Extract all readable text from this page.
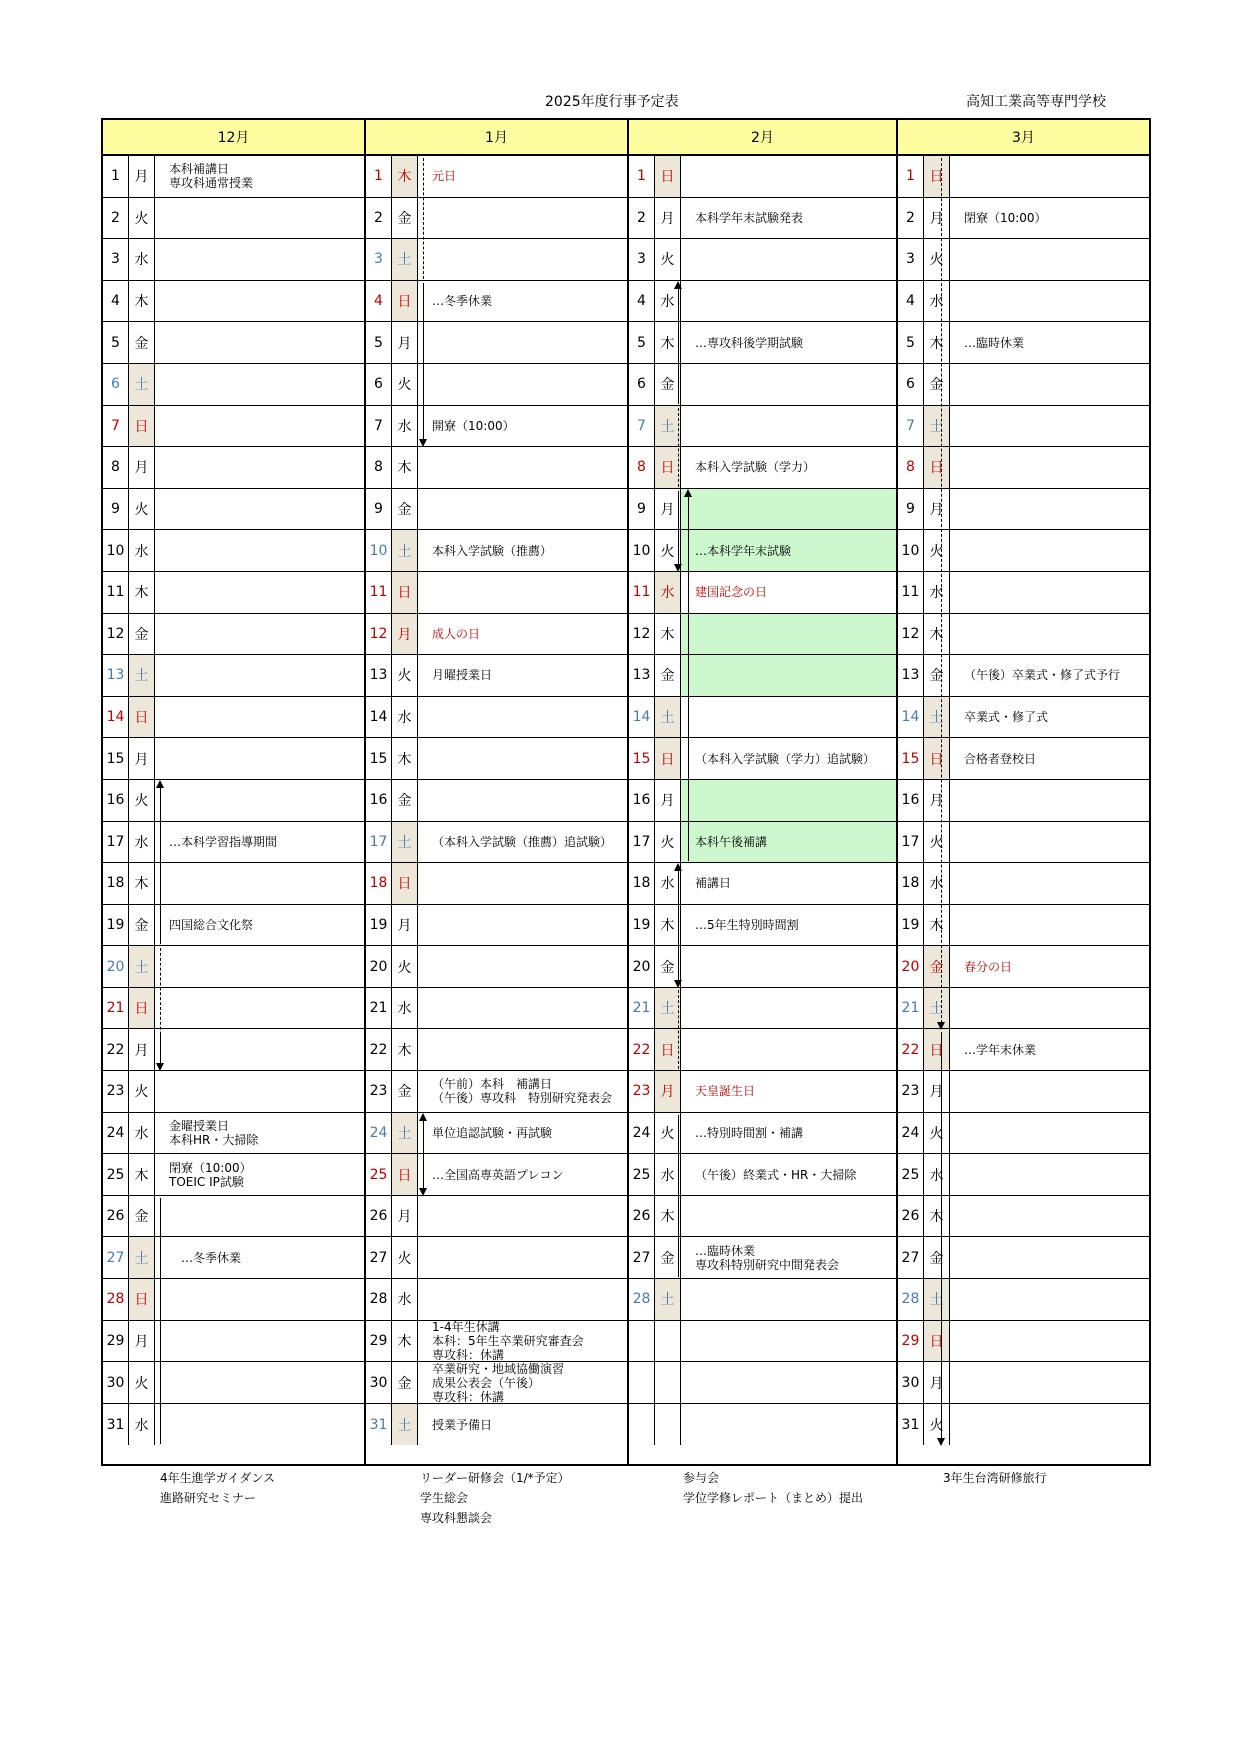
2025年度行事予定表	高知工業高等専門学校
12月
1	月	本科補講日
専攻科通常授業
2	火
3	水
4	木
5	金
6	土
7	日
8	月
9	火
10 水
11 木
12 金
13 土
14 日
15 月
16 火
17 水	…本科学習指導期間
18 木
19 金	四国総合文化祭
20 土
21 日
22 月
23 火
24 水	金曜授業日
本科HR・大掃除
25 木	閉寮（10:00）
TOEIC IP試験
26 金
27 土	　…冬季休業
28 日
29 月
30 火
31 水
1月
1	木	元日
2	金
3	土
4	日	…冬季休業
5	月
6	火
7	水	開寮（10:00）
8	木
9	金
10 土	本科入学試験（推薦）
11 日
12 月	成人の日
13 火	月曜授業日
14 水
15 木
16 金
17 土	（本科入学試験（推薦）追試験）
18 日
19 月
20 火
21 水
22 木
23 金	（午前）本科　補講日
（午後）専攻科　特別研究発表会
24 土	単位追認試験・再試験
25 日	…全国高専英語プレコン
26 月
27 火
28 水
29 木
1-4年生休講
本科：5年生卒業研究審査会
専攻科：休講
30 金
卒業研究・地域協働演習
成果公表会（午後）
専攻科：休講
31 土	授業予備日
2月
1	日
2	月	本科学年末試験発表
3	火
4	水
5	木	…専攻科後学期試験
6	金
7	土
8	日	本科入学試験（学力）
9	月
10 火	…本科学年末試験
11 水	建国記念の日
12 木
13 金
14 土
15 日	（本科入学試験（学力）追試験）
16 月
17 火	本科午後補講
18 水	補講日
19 木	…5年生特別時間割
20 金
21 土
22 日
23 月	天皇誕生日
24 火	…特別時間割・補講
25 水	（午後）終業式・HR・大掃除
26 木
27 金	…臨時休業
専攻科特別研究中間発表会
28 土
3月
1	日
2	月	閉寮（10:00）
3	火
4	水
5	木	…臨時休業
6	金
7	土
8	日
9	月
10 火
11 水
12 木
13 金	（午後）卒業式・修了式予行
14 土	卒業式・修了式
15 日	合格者登校日
16 月
17 火
18 水
19 木
20 金	春分の日
21 土
22 日	…学年末休業
23 月
24 火
25 水
26 木
27 金
28 土
29 日
30 月
31 火
4年生進学ガイダンス
進路研究セミナー
リーダー研修会（1/*予定）
学生総会
専攻科懇談会
参与会
学位学修レポート（まとめ）提出
3年生台湾研修旅行
